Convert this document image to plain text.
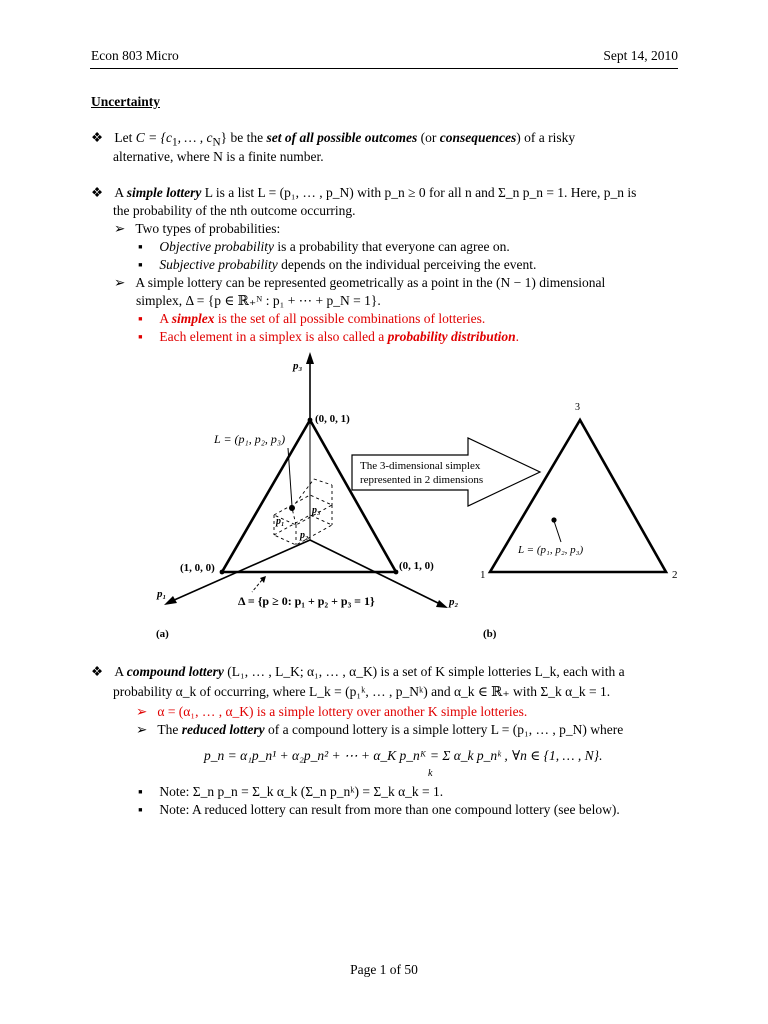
Econ 803 Micro	Sept 14, 2010
Uncertainty
❖ Let $C = \{c_1$, … , $c_N$} be the set of all possible outcomes (or consequences) of a risky
alternative, where N is a finite number.
❖ A simple lottery L is a list L = (p₁, … , p_N) with p_n ≥ 0 for all n and Σ_n p_n = 1. Here, p_n is
the probability of the nth outcome occurring.
➢ Two types of probabilities:
▪ Objective probability is a probability that everyone can agree on.
▪ Subjective probability depends on the individual perceiving the event.
➢ A simple lottery can be represented geometrically as a point in the (N − 1) dimensional
simplex, Δ = {p ∈ ℝ₊ᴺ : p₁ + ⋯ + p_N = 1}.
▪ A simplex is the set of all possible combinations of lotteries.
▪ Each element in a simplex is also called a probability distribution.
p₃
p₁
p₂
(0, 0, 1)
(1, 0, 0)	(0, 1, 0)
L = (p₁, p₂, p₃)
p₁
p₂
p₃
Δ = {p ≥ 0: p₁ + p₂ + p₃ = 1}
(a)	(b)
3
1	2
L = (p₁, p₂, p₃)
The 3-dimensional simplex represented in 2 dimensions
❖ A compound lottery (L₁, … , L_K; α₁, … , α_K) is a set of K simple lotteries L_k, each with a
probability α_k of occurring, where L_k = (p₁ᵏ, … , p_Nᵏ) and α_k ∈ ℝ₊ with Σ_k α_k = 1.
➢ α = (α₁, … , α_K) is a simple lottery over another K simple lotteries.
➢ The reduced lottery of a compound lottery is a simple lottery L = (p₁, … , p_N) where
p_n = α₁p_n¹ + α₂p_n² + ⋯ + α_K p_nᴷ = Σ α_k p_nᵏ ,
k
∀n ∈ {1, … , N}.
▪ Note: Σ_n p_n = Σ_k α_k (Σ_n p_nᵏ) = Σ_k α_k = 1.
▪ Note: A reduced lottery can result from more than one compound lottery (see below).
Page 1 of 50
